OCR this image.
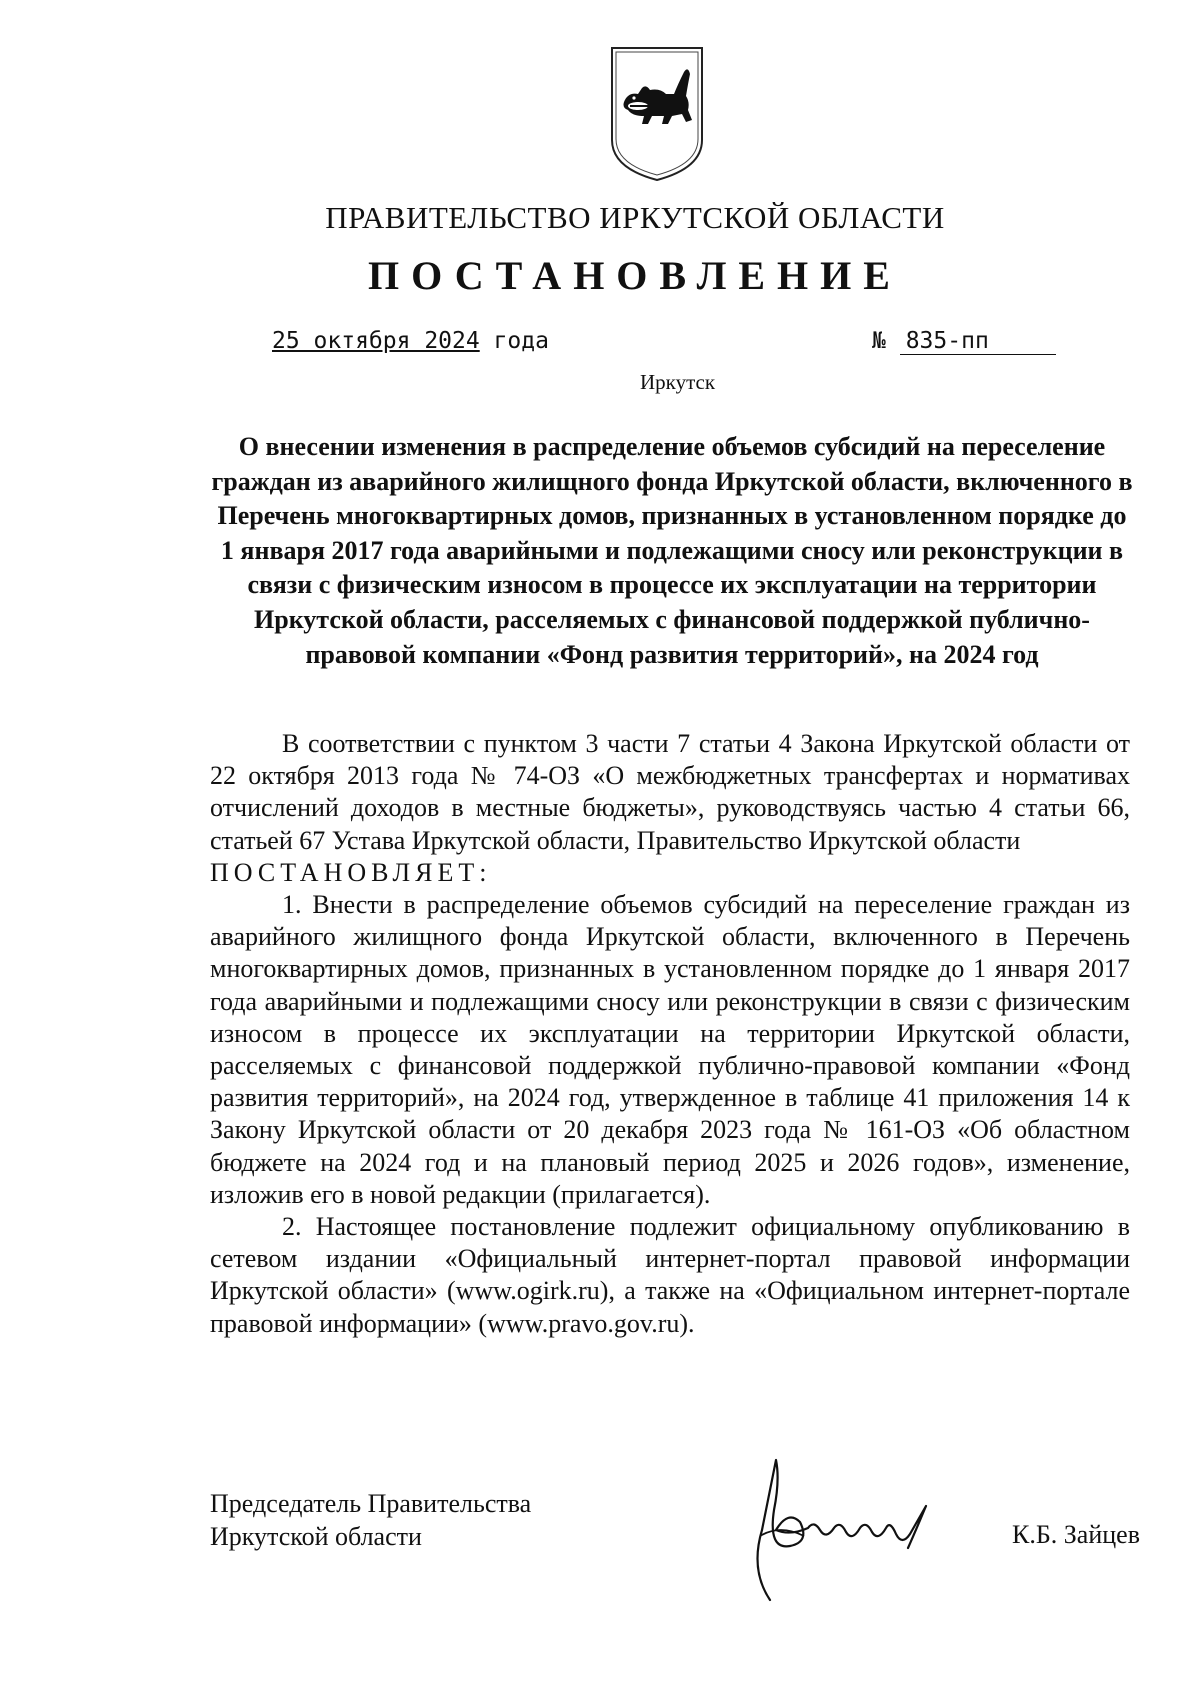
ПРАВИТЕЛЬСТВО ИРКУТСКОЙ ОБЛАСТИ
ПОСТАНОВЛЕНИЕ
25 октября 2024 года	№ 835-пп
Иркутск
О внесении изменения в распределение объемов субсидий на переселение граждан из аварийного жилищного фонда Иркутской области, включенного в Перечень многоквартирных домов, признанных в установленном порядке до 1 января 2017 года аварийными и подлежащими сносу или реконструкции в связи с физическим износом в процессе их эксплуатации на территории Иркутской области, расселяемых с финансовой поддержкой публично-правовой компании «Фонд развития территорий», на 2024 год

В соответствии с пунктом 3 части 7 статьи 4 Закона Иркутской области от 22 октября 2013 года № 74-ОЗ «О межбюджетных трансфертах и нормативах отчислений доходов в местные бюджеты», руководствуясь частью 4 статьи 66, статьей 67 Устава Иркутской области, Правительство Иркутской области

ПОСТАНОВЛЯЕТ:

1. Внести в распределение объемов субсидий на переселение граждан из аварийного жилищного фонда Иркутской области, включенного в Перечень многоквартирных домов, признанных в установленном порядке до 1 января 2017 года аварийными и подлежащими сносу или реконструкции в связи с физическим износом в процессе их эксплуатации на территории Иркутской области, расселяемых с финансовой поддержкой публично-правовой компании «Фонд развития территорий», на 2024 год, утвержденное в таблице 41 приложения 14 к Закону Иркутской области от 20 декабря 2023 года № 161-ОЗ «Об областном бюджете на 2024 год и на плановый период 2025 и 2026 годов», изменение, изложив его в новой редакции (прилагается).

2. Настоящее постановление подлежит официальному опубликованию в сетевом издании «Официальный интернет-портал правовой информации Иркутской области» (www.ogirk.ru), а также на «Официальном интернет-портале правовой информации» (www.pravo.gov.ru).

Председатель Правительства
Иркутской области	К.Б. Зайцев
